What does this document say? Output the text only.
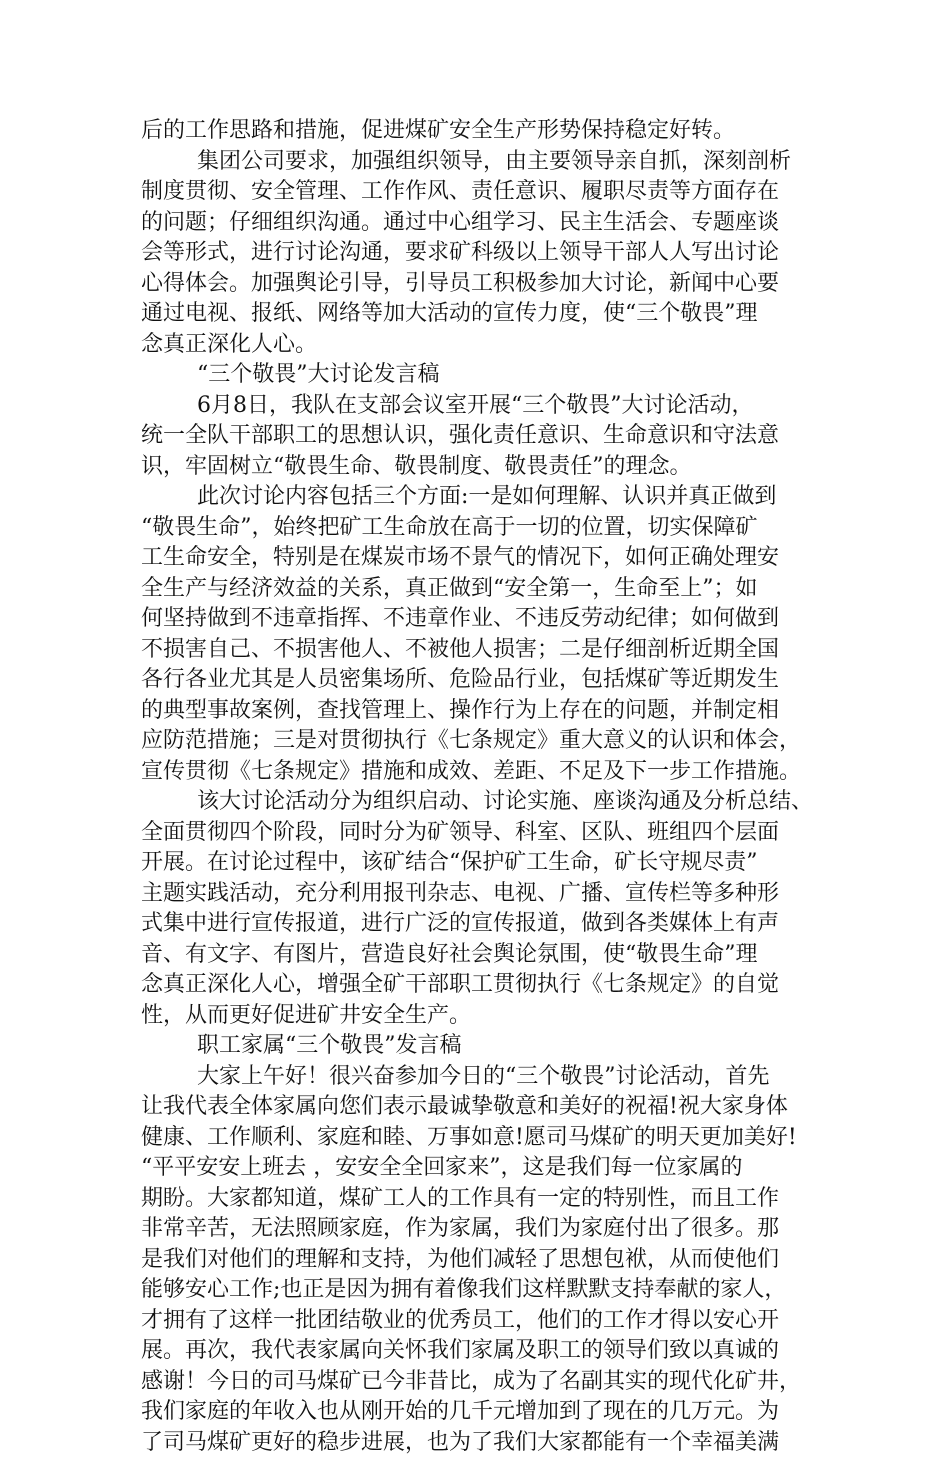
后的工作思路和措施，促进煤矿安全生产形势保持稳定好转。
集团公司要求，加强组织领导，由主要领导亲自抓，深刻剖析
制度贯彻、安全管理、工作作风、责任意识、履职尽责等方面存在
的问题；仔细组织沟通。通过中心组学习、民主生活会、专题座谈
会等形式，进行讨论沟通，要求矿科级以上领导干部人人写出讨论
心得体会。加强舆论引导，引导员工积极参加大讨论，新闻中心要
通过电视、报纸、网络等加大活动的宣传力度，使“三个敬畏”理
念真正深化人心。
“三个敬畏”大讨论发言稿
6月8日，我队在支部会议室开展“三个敬畏”大讨论活动，
统一全队干部职工的思想认识，强化责任意识、生命意识和守法意
识，牢固树立“敬畏生命、敬畏制度、敬畏责任”的理念。
此次讨论内容包括三个方面:一是如何理解、认识并真正做到
“敬畏生命”，始终把矿工生命放在高于一切的位置，切实保障矿
工生命安全，特别是在煤炭市场不景气的情况下，如何正确处理安
全生产与经济效益的关系，真正做到“安全第一，生命至上”；如
何坚持做到不违章指挥、不违章作业、不违反劳动纪律；如何做到
不损害自己、不损害他人、不被他人损害；二是仔细剖析近期全国
各行各业尤其是人员密集场所、危险品行业，包括煤矿等近期发生
的典型事故案例，查找管理上、操作行为上存在的问题，并制定相
应防范措施；三是对贯彻执行《七条规定》重大意义的认识和体会，
宣传贯彻《七条规定》措施和成效、差距、不足及下一步工作措施。
该大讨论活动分为组织启动、讨论实施、座谈沟通及分析总结、
全面贯彻四个阶段，同时分为矿领导、科室、区队、班组四个层面
开展。在讨论过程中，该矿结合“保护矿工生命，矿长守规尽责”
主题实践活动，充分利用报刊杂志、电视、广播、宣传栏等多种形
式集中进行宣传报道，进行广泛的宣传报道，做到各类媒体上有声
音、有文字、有图片，营造良好社会舆论氛围，使“敬畏生命”理
念真正深化人心，增强全矿干部职工贯彻执行《七条规定》的自觉
性，从而更好促进矿井安全生产。
职工家属“三个敬畏”发言稿
大家上午好！很兴奋参加今日的“三个敬畏”讨论活动，首先
让我代表全体家属向您们表示最诚挚敬意和美好的祝福!祝大家身体
健康、工作顺利、家庭和睦、万事如意!愿司马煤矿的明天更加美好!
“平平安安上班去 ，安安全全回家来”，这是我们每一位家属的
期盼。大家都知道，煤矿工人的工作具有一定的特别性，而且工作
非常辛苦，无法照顾家庭，作为家属，我们为家庭付出了很多。那
是我们对他们的理解和支持，为他们减轻了思想包袱，从而使他们
能够安心工作;也正是因为拥有着像我们这样默默支持奉献的家人，
才拥有了这样一批团结敬业的优秀员工，他们的工作才得以安心开
展。再次，我代表家属向关怀我们家属及职工的领导们致以真诚的
感谢！今日的司马煤矿已今非昔比，成为了名副其实的现代化矿井，
我们家庭的年收入也从刚开始的几千元增加到了现在的几万元。为
了司马煤矿更好的稳步进展，也为了我们大家都能有一个幸福美满
